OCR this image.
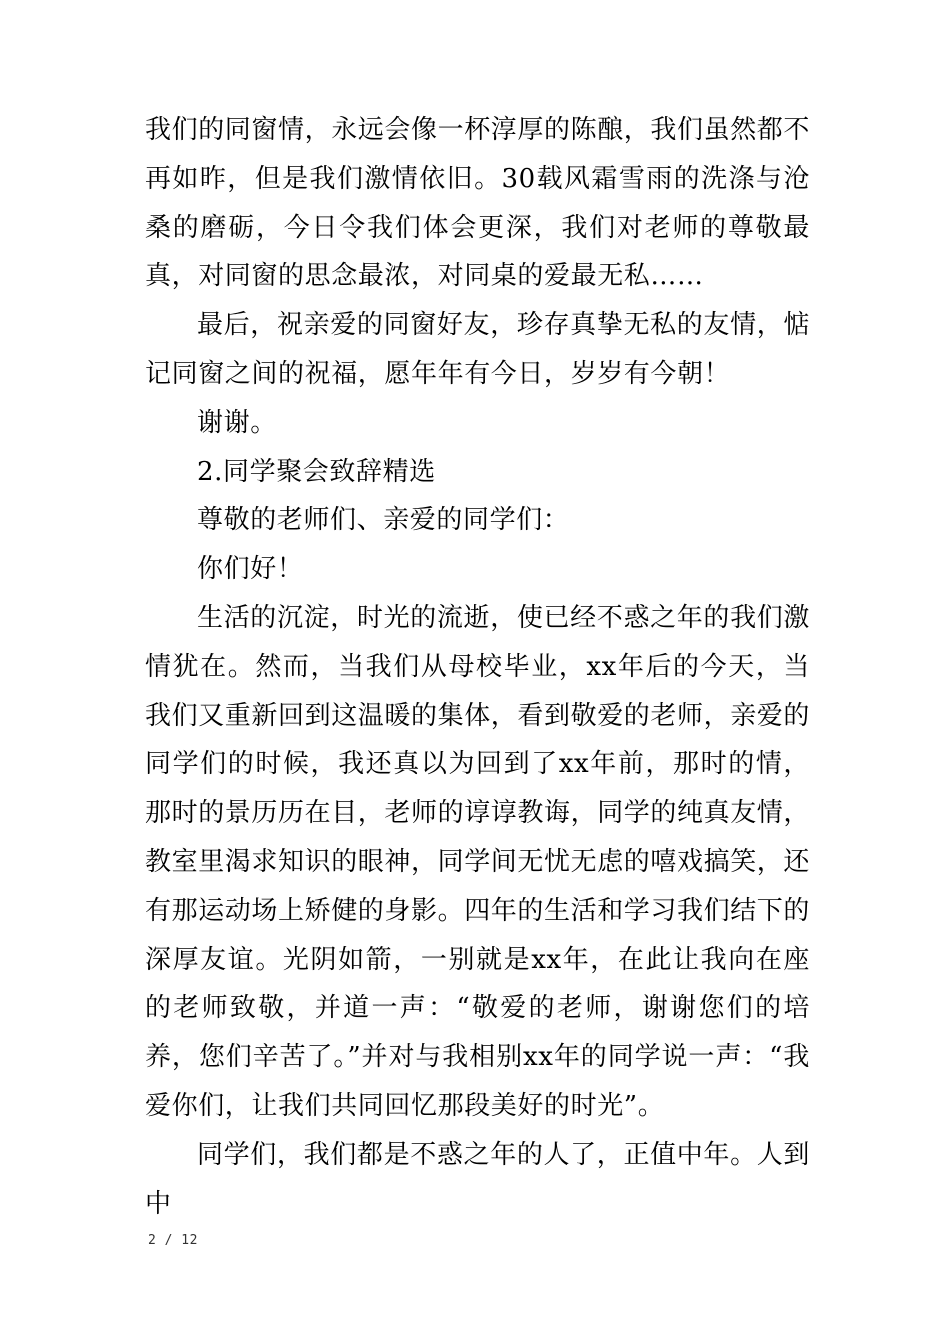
我们的同窗情，永远会像一杯淳厚的陈酿，我们虽然都不再如昨，但是我们激情依旧。30载风霜雪雨的洗涤与沧桑的磨砺，今日令我们体会更深，我们对老师的尊敬最真，对同窗的思念最浓，对同桌的爱最无私……

最后，祝亲爱的同窗好友，珍存真挚无私的友情，惦记同窗之间的祝福，愿年年有今日，岁岁有今朝！

谢谢。

2.同学聚会致辞精选

尊敬的老师们、亲爱的同学们：

你们好！

生活的沉淀，时光的流逝，使已经不惑之年的我们激情犹在。然而，当我们从母校毕业，xx年后的今天，当我们又重新回到这温暖的集体，看到敬爱的老师，亲爱的同学们的时候，我还真以为回到了xx年前，那时的情，那时的景历历在目，老师的谆谆教诲，同学的纯真友情，教室里渴求知识的眼神，同学间无忧无虑的嘻戏搞笑，还有那运动场上矫健的身影。四年的生活和学习我们结下的深厚友谊。光阴如箭，一别就是xx年，在此让我向在座的老师致敬，并道一声：“敬爱的老师，谢谢您们的培养，您们辛苦了。”并对与我相别xx年的同学说一声：“我爱你们，让我们共同回忆那段美好的时光”。

同学们，我们都是不惑之年的人了，正值中年。人到中

2 / 12
